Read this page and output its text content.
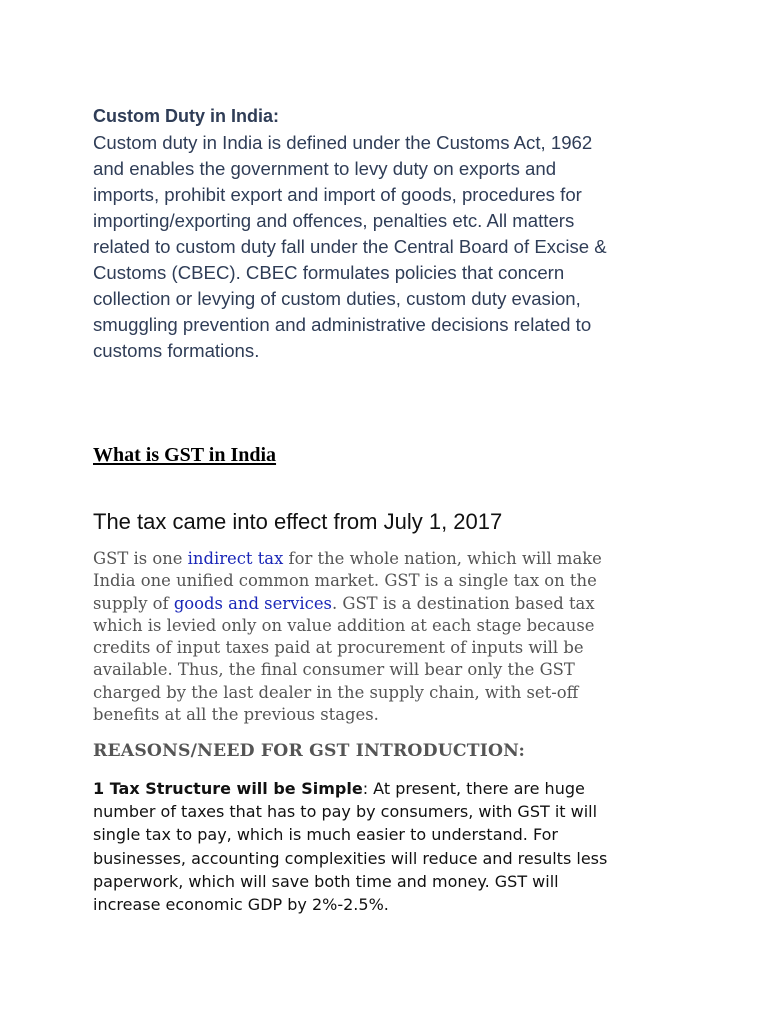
Custom Duty in India:
Custom duty in India is defined under the Customs Act, 1962
and enables the government to levy duty on exports and
imports, prohibit export and import of goods, procedures for
importing/exporting and offences, penalties etc. All matters
related to custom duty fall under the Central Board of Excise &
Customs (CBEC). CBEC formulates policies that concern
collection or levying of custom duties, custom duty evasion,
smuggling prevention and administrative decisions related to
customs formations.
What is GST in India
The tax came into effect from July 1, 2017
GST is one indirect tax for the whole nation, which will make
India one unified common market. GST is a single tax on the
supply of goods and services. GST is a destination based tax
which is levied only on value addition at each stage because
credits of input taxes paid at procurement of inputs will be
available. Thus, the final consumer will bear only the GST
charged by the last dealer in the supply chain, with set-off
benefits at all the previous stages.
REASONS/NEED FOR GST INTRODUCTION:
1 Tax Structure will be Simple: At present, there are huge
number of taxes that has to pay by consumers, with GST it will
single tax to pay, which is much easier to understand. For
businesses, accounting complexities will reduce and results less
paperwork, which will save both time and money. GST will
increase economic GDP by 2%-2.5%.
